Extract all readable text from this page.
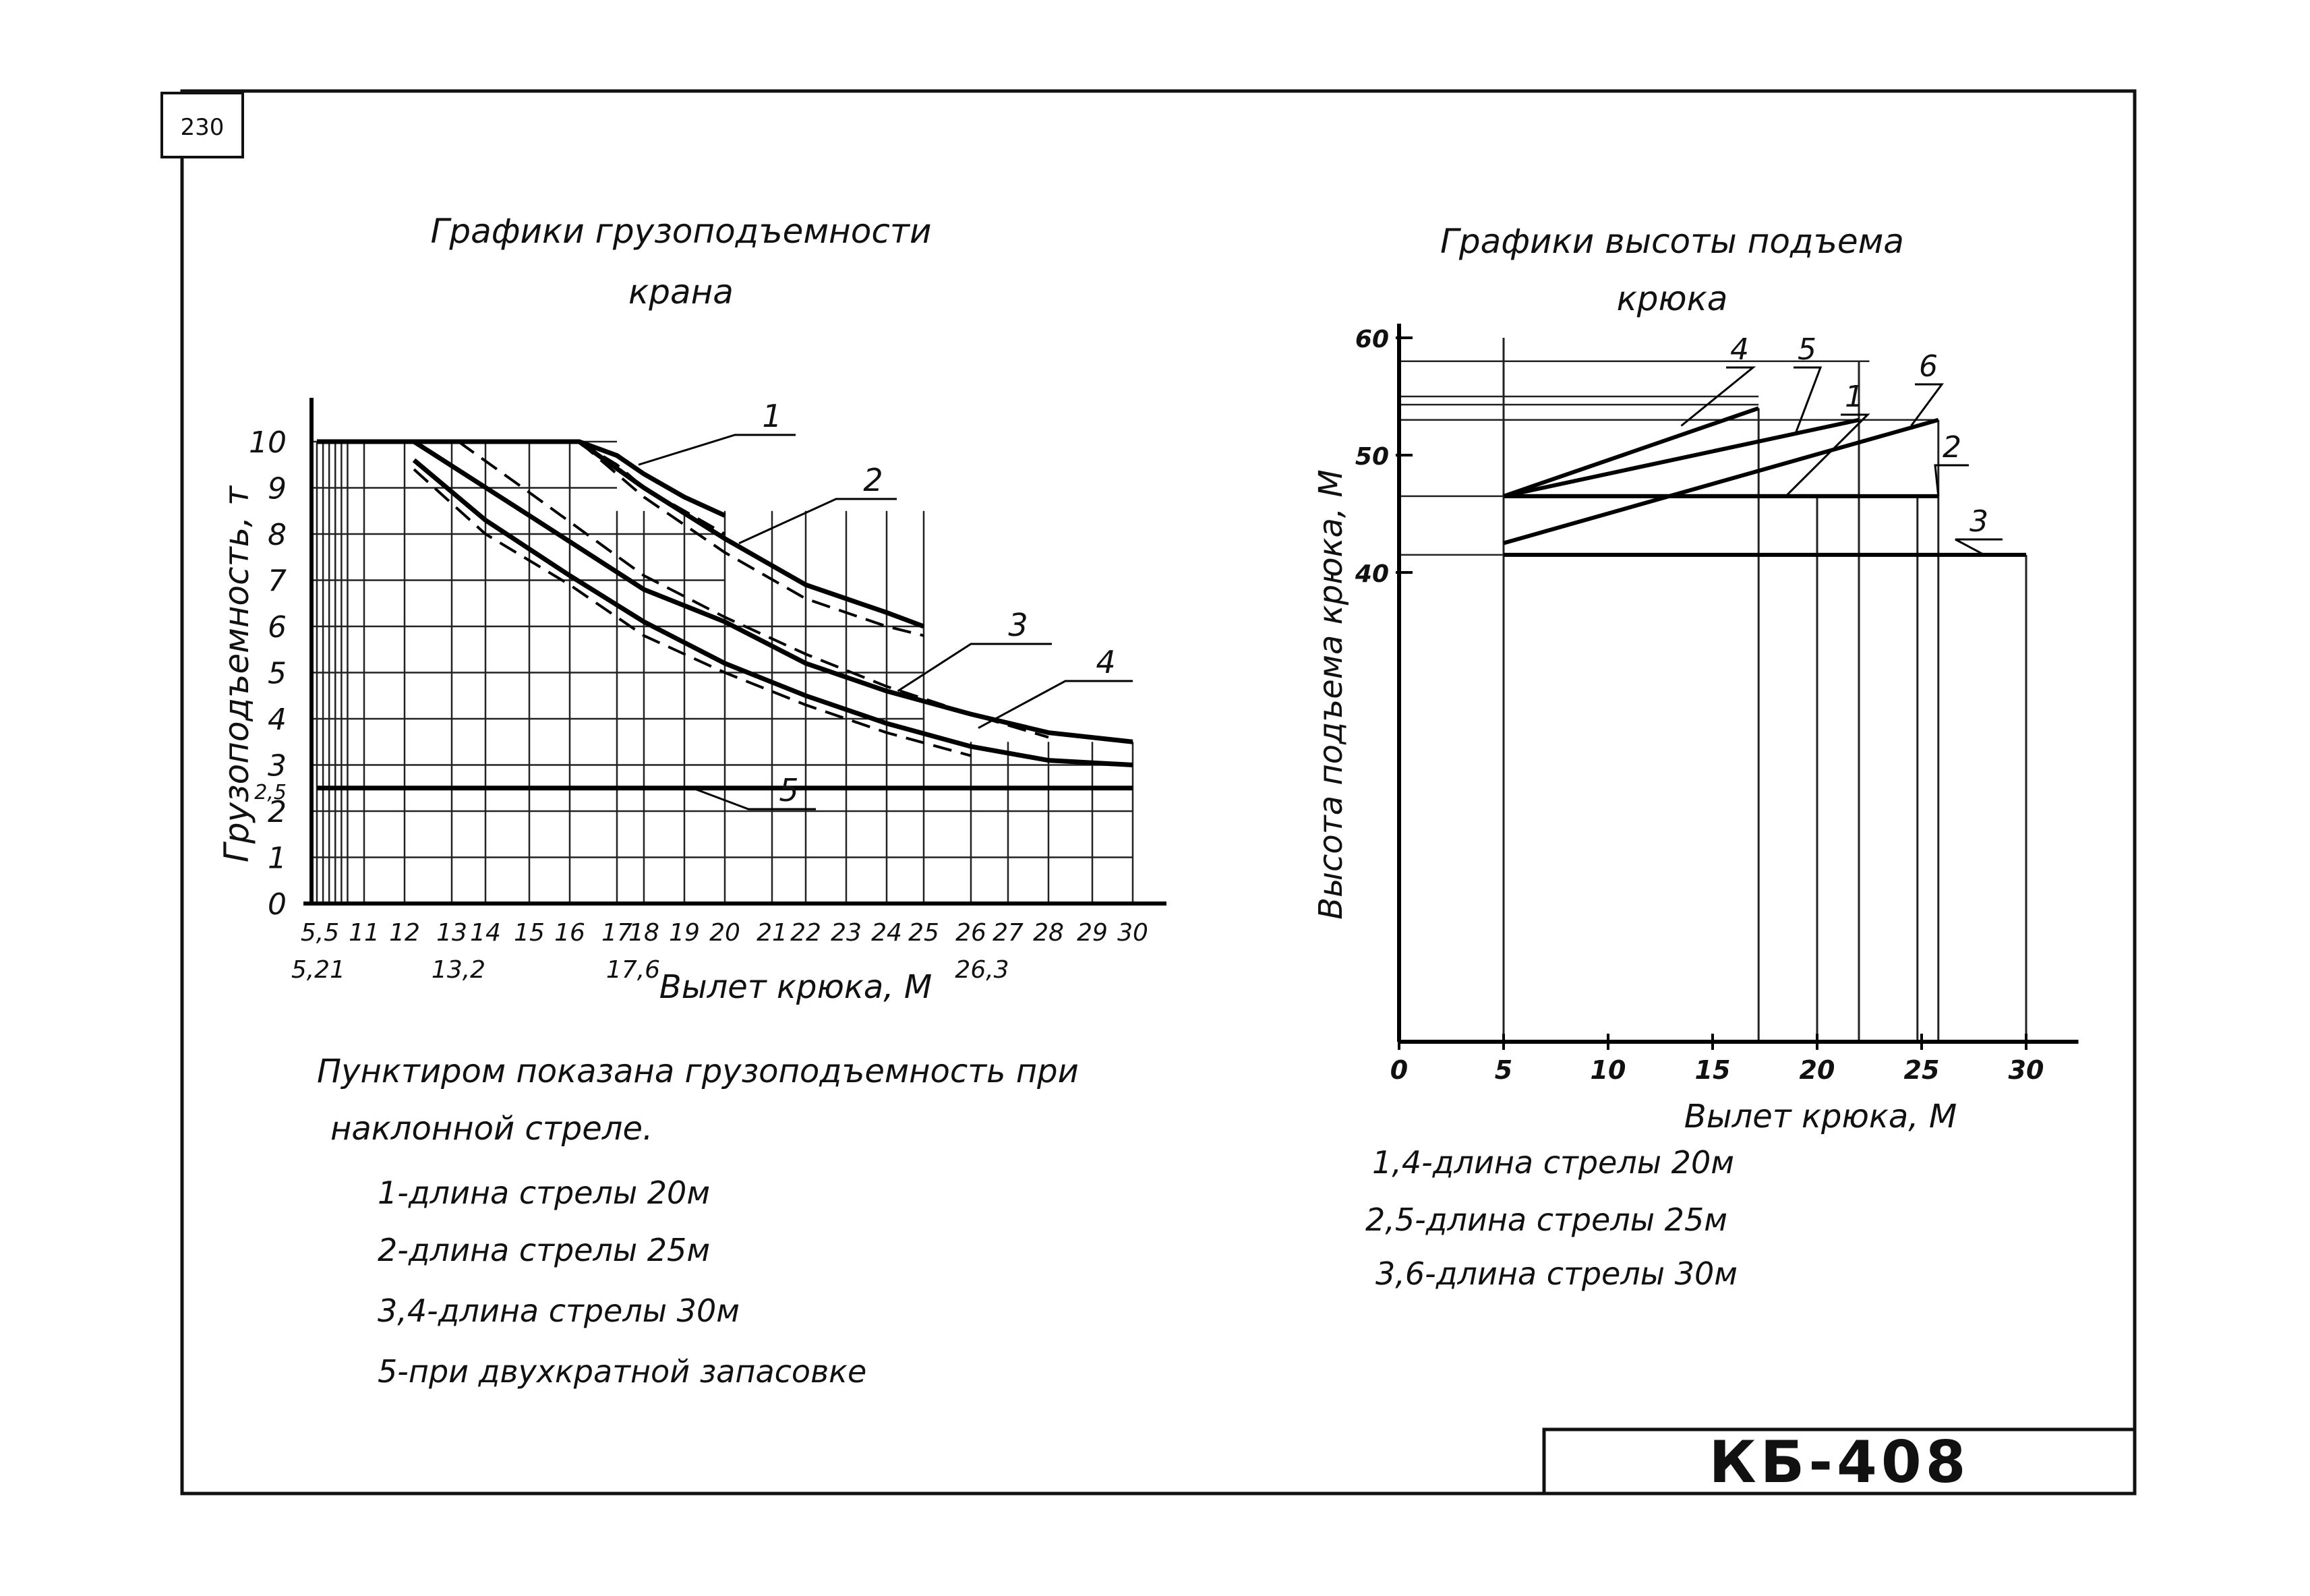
230
КБ-408
Графики грузоподъемности
крана
Грузоподъемность, т
Вылет крюка, М
0
1
2
2,5
3
4
5
6
7
8
9
10
5,5 11 12 13 14 15 16 17
18 19 20 21 22 23 24 25 26 27 28 29 30
5,21	13,2	17,6	26,3
1
2
3
4
5
Пунктиром показана грузоподъемность при
наклонной стреле.
1-длина стрелы 20м
2-длина стрелы 25м
3,4-длина стрелы 30м
5-при двухкратной запасовке
Графики высоты подъема
крюка
Высота подъема крюка, М
Вылет крюка, М
40
50
60
0	5	10	15	20	25	30
4 5
1
6
2
3
1,4-длина стрелы 20м
2,5-длина стрелы 25м
3,6-длина стрелы 30м
